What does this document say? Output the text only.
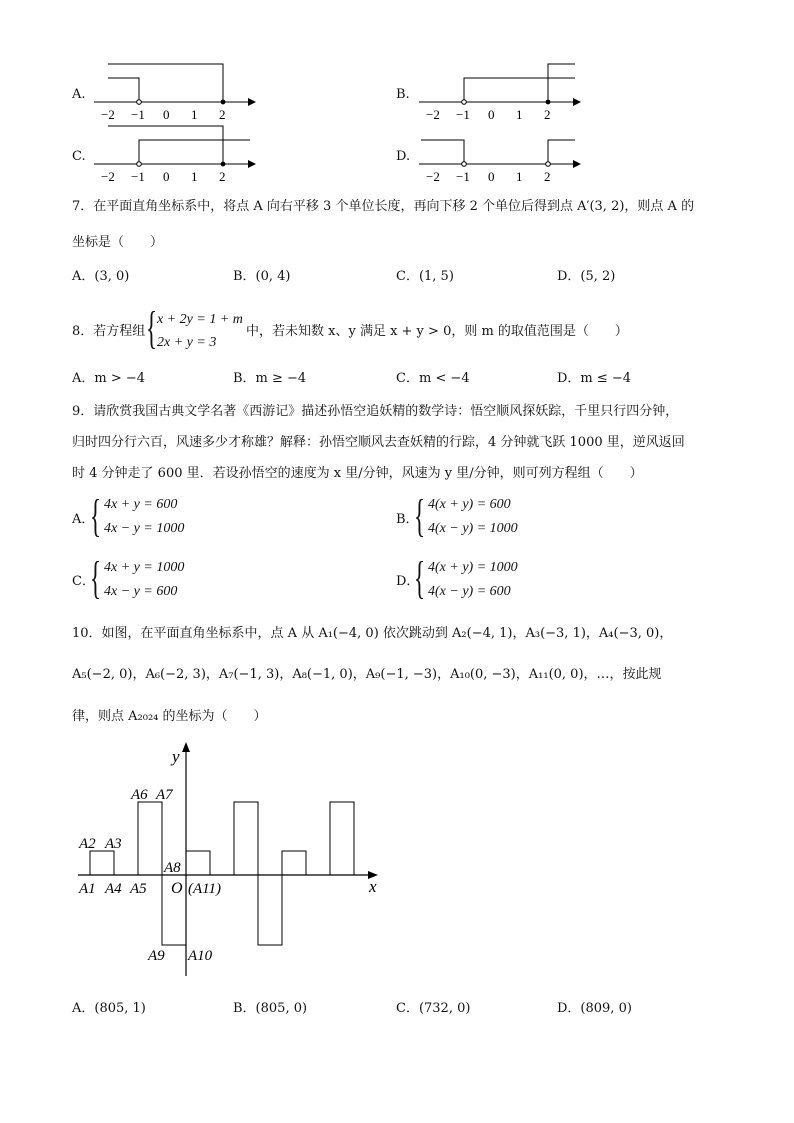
A.	B.
C.	D.
−2 −1 0 1 2	−2 −1 0 1 2
−2 −1 0 1 2	−2 −1 0 1 2
7．在平面直角坐标系中，将点 A 向右平移 3 个单位长度，再向下移 2 个单位后得到点 A′(3, 2)，则点 A 的
坐标是（　　）
A．(3, 0)	B．(0, 4)	C．(1, 5)	D．(5, 2)
8．若方程组 { x + 2y = 1 + m
2x + y = 3
中，若未知数 x、y 满足 x + y > 0，则 m 的取值范围是（　　）
A．m > −4	B．m ≥ −4	C．m < −4	D．m ≤ −4
9．请欣赏我国古典文学名著《西游记》描述孙悟空追妖精的数学诗：悟空顺风探妖踪，千里只行四分钟，
归时四分行六百，风速多少才称雄？解释：孙悟空顺风去查妖精的行踪，4 分钟就飞跃 1000 里，逆风返回
时 4 分钟走了 600 里．若设孙悟空的速度为 x 里/分钟，风速为 y 里/分钟，则可列方程组（　　）
A．
{ 4x + y = 600
4x − y = 1000
B．
{ 4(x + y) = 600
4(x − y) = 1000
C．
{ 4x + y = 1000
4x − y = 600
D．
{ 4(x + y) = 1000
4(x − y) = 600
10．如图，在平面直角坐标系中，点 A 从 A₁(−4, 0) 依次跳动到 A₂(−4, 1)，A₃(−3, 1)，A₄(−3, 0)，
A₅(−2, 0)，A₆(−2, 3)，A₇(−1, 3)，A₈(−1, 0)，A₉(−1, −3)，A₁₀(0, −3)，A₁₁(0, 0)，…，按此规
律，则点 A₂₀₂₄ 的坐标为（　　）
y
x
O
A2 A3
A6 A7
A8
A1 A4 A5	(A11)
A9 A10
A．(805, 1)	B．(805, 0)	C．(732, 0)	D．(809, 0)
